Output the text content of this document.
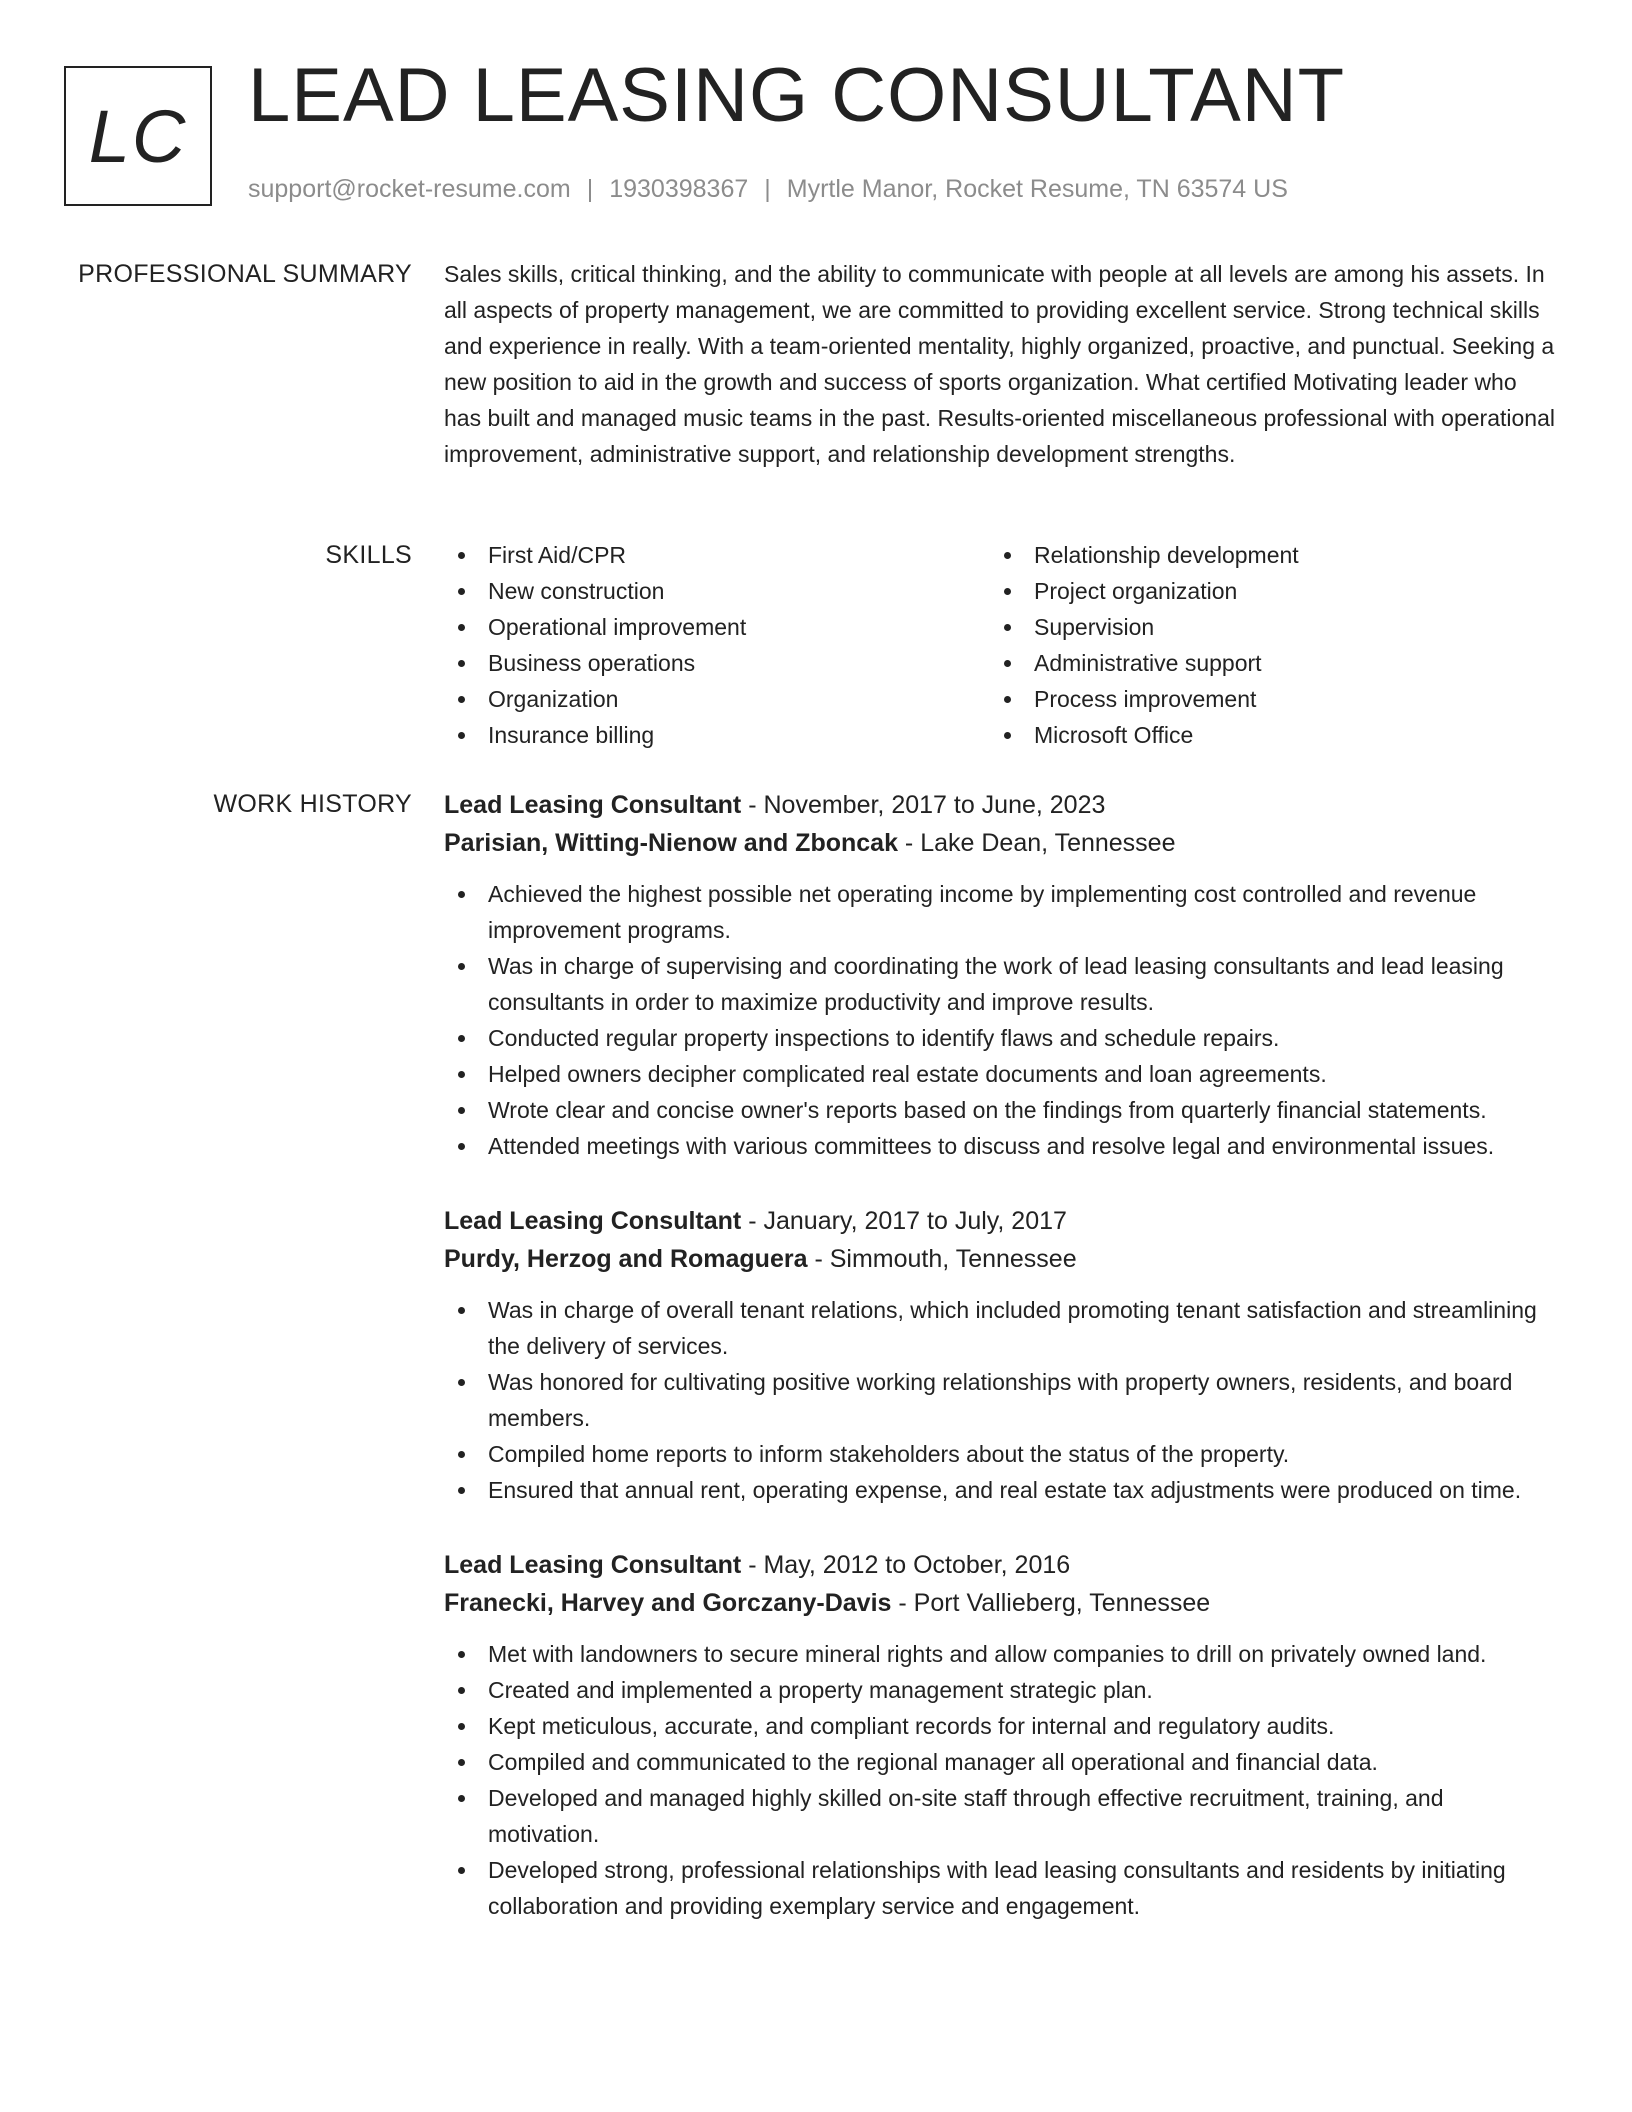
LC LEAD LEASING CONSULTANT
support@rocket-resume.com | 1930398367 | Myrtle Manor, Rocket Resume, TN 63574 US
PROFESSIONAL SUMMARY Sales skills, critical thinking, and the ability to communicate with people at all levels are among his assets. In all aspects of property management, we are committed to providing excellent service. Strong technical skills and experience in really. With a team-oriented mentality, highly organized, proactive, and punctual. Seeking a new position to aid in the growth and success of sports organization. What certified Motivating leader who has built and managed music teams in the past. Results-oriented miscellaneous professional with operational improvement, administrative support, and relationship development strengths.

SKILLS	First Aid/CPR
New construction
Operational improvement
Business operations
Organization
Insurance billing
Relationship development
Project organization
Supervision
Administrative support
Process improvement
Microsoft Office
WORK HISTORY Lead Leasing Consultant - November, 2017 to June, 2023
Parisian, Witting-Nienow and Zboncak - Lake Dean, Tennessee
Achieved the highest possible net operating income by implementing cost controlled and revenue improvement programs.
Was in charge of supervising and coordinating the work of lead leasing consultants and lead leasing consultants in order to maximize productivity and improve results.
Conducted regular property inspections to identify flaws and schedule repairs.
Helped owners decipher complicated real estate documents and loan agreements.
Wrote clear and concise owner's reports based on the findings from quarterly financial statements.
Attended meetings with various committees to discuss and resolve legal and environmental issues.
Lead Leasing Consultant - January, 2017 to July, 2017
Purdy, Herzog and Romaguera - Simmouth, Tennessee
Was in charge of overall tenant relations, which included promoting tenant satisfaction and streamlining the delivery of services.
Was honored for cultivating positive working relationships with property owners, residents, and board members.
Compiled home reports to inform stakeholders about the status of the property.
Ensured that annual rent, operating expense, and real estate tax adjustments were produced on time.
Lead Leasing Consultant - May, 2012 to October, 2016
Franecki, Harvey and Gorczany-Davis - Port Vallieberg, Tennessee
Met with landowners to secure mineral rights and allow companies to drill on privately owned land.
Created and implemented a property management strategic plan.
Kept meticulous, accurate, and compliant records for internal and regulatory audits.
Compiled and communicated to the regional manager all operational and financial data.
Developed and managed highly skilled on-site staff through effective recruitment, training, and motivation.
Developed strong, professional relationships with lead leasing consultants and residents by initiating collaboration and providing exemplary service and engagement.
